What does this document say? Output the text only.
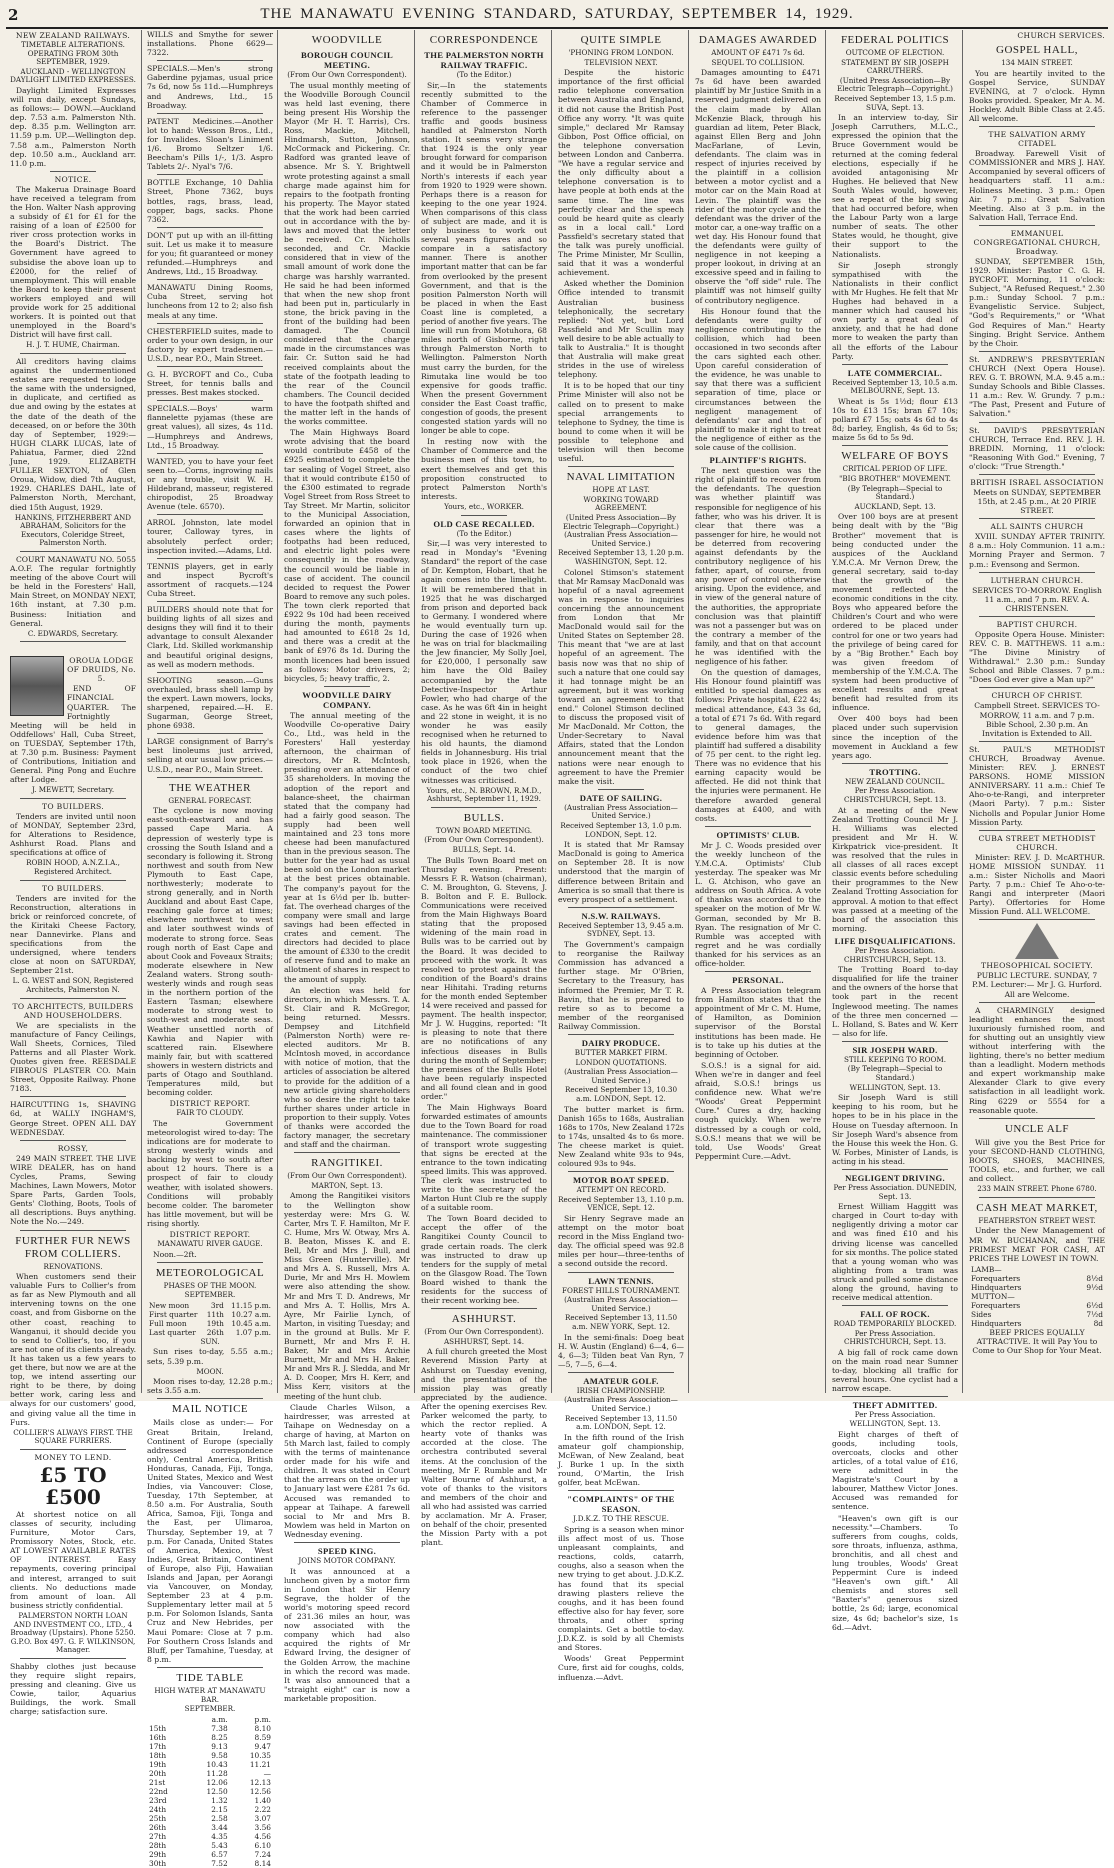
2	THE MANAWATU EVENING STANDARD, SATURDAY, SEPTEMBER 14, 1929.
NEW ZEALAND RAILWAYS.
TIMETABLE ALTERATIONS. OPERATING FROM 30th SEPTEMBER, 1929.
AUCKLAND - WELLINGTON DAYLIGHT LIMITED EXPRESSES.

Daylight Limited Expresses will run daily, except Sundays, as follows:— DOWN.—Auckland dep. 7.53 a.m. Palmerston Nth. dep. 8.35 p.m. Wellington arr. 11.59 p.m. UP.—Wellington dep. 7.58 a.m., Palmerston North dep. 10.50 a.m., Auckland arr. 11.0 p.m.

NOTICE.

The Makerua Drainage Board have received a telegram from the Hon. Walter Nash approving a subsidy of £1 for £1 for the raising of a loan of £2500 for river cross protection works in the Board's District. The Government have agreed to subsidise the above loan up to £2000, for the relief of unemployment. This will enable the Board to keep their present workers employed and will provide work for 25 additional workers. It is pointed out that unemployed in the Board's District will have first call.

H. J. T. HUME, Chairman.

All creditors having claims against the undermentioned estates are requested to lodge the same with the undersigned, in duplicate, and certified as due and owing by the estates at the date of the death of the deceased, on or before the 30th day of September, 1929:— HUGH CLARK LUCAS, late of Pahiatua, Farmer, died 22nd June, 1929. ELIZABETH FULLER SEXTON, of Glen Oroua, Widow, died 7th August, 1929. CHARLES DAHL, late of Palmerston North, Merchant, died 15th August, 1929.

HANKINS, FITZHERBERT AND ABRAHAM, Solicitors for the Executors, Coleridge Street, Palmerston North.

COURT MANAWATU NO. 5055 A.O.F. The regular fortnightly meeting of the above Court will be held in the Foresters' Hall, Main Street, on MONDAY NEXT, 16th instant, at 7.30 p.m. Business: Initiation and General.

C. EDWARDS, Secretary.
OROUA LODGE OF DRUIDS, No. 5.

END OF FINANCIAL QUARTER. The Fortnightly Meeting will be held in Oddfellows' Hall, Cuba Street, on TUESDAY, September 17th, at 7.30 p.m. Business: Payment of Contributions, Initiation and General. Ping Pong and Euchre after Lodge.

J. MEWETT, Secretary.
TO BUILDERS.

Tenders are invited until noon of MONDAY, September 23rd, for Alterations to Residence, Ashhurst Road. Plans and specifications at office of

ROBIN HOOD, A.N.Z.I.A., Registered Architect.
TO BUILDERS.

Tenders are invited for the Reconstruction, alterations in brick or reinforced concrete, of the Kiritaki Cheese Factory, near Dannevirke. Plans and specifications from the undersigned, where tenders close at noon on SATURDAY, September 21st.

L. G. WEST and SON, Registered Architects, Palmerston N.
TO ARCHITECTS, BUILDERS AND HOUSEHOLDERS.

We are specialists in the manufacture of Fancy Ceilings, Wall Sheets, Cornices, Tiled Patterns and all Plaster Work. Quotes given free. REESDALE FIBROUS PLASTER CO. Main Street, Opposite Railway. Phone 7183.

HAIRCUTTING 1s, SHAVING 6d, at WALLY INGHAM'S, George Street. OPEN ALL DAY WEDNESDAY.

ROSSY,

249 MAIN STREET. THE LIVE WIRE DEALER, has on hand Cycles, Prams, Sewing Machines, Lawn Mowers, Motor Spare Parts, Garden Tools, Gents' Clothing, Boots, Tools of all descriptions. Buys anything. Note the No.—249.

FURTHER FUR NEWS FROM COLLIERS.
RENOVATIONS.

When customers send their valuable Furs to Collier's from as far as New Plymouth and all intervening towns on the one coast, and from Gisborne on the other coast, reaching to Wanganui, it should decide you to send to Collier's, too, if you are not one of its clients already. It has taken us a few years to get there, but now we are at the top, we intend asserting our right to be there, by doing better work, caring less and always for our customers' good, and giving value all the time in Furs.

COLLIER'S ALWAYS FIRST. THE SQUARE FURRIERS.
MONEY TO LEND.
£5 TO £500

At shortest notice on all classes of security, including Furniture, Motor Cars, Promissory Notes, Stock, etc. AT LOWEST AVAILABLE RATES OF INTEREST. Easy repayments, covering principal and interest, arranged to suit clients. No deductions made from amount of loan. All business strictly confidential.

PALMERSTON NORTH LOAN AND INVESTMENT CO., LTD., 4 Broadway (Upstairs). Phone 5250. G.P.O. Box 497. G. F. WILKINSON, Manager.

Shabby clothes just because they require slight repairs, pressing and cleaning. Give us Cowie, tailor, Aquarius Buildings, the work. Small charge; satisfaction sure.

WILLS and Smythe for sewer installations. Phone 6629—7322.

SPECIALS.—Men's strong Gaberdine pyjamas, usual price 7s 6d, now 5s 11d.—Humphreys and Andrews, Ltd., 15 Broadway.

PATENT Medicines.—Another lot to hand: Wesson Bros., Ltd., for Invalides. Sloan's Liniment 1/6. Bromo Seltzer 1/6. Beecham's Pills 1/-, 1/3. Aspro Tablets 2/-. Nyal's 7/6.

BOTTLE Exchange, 10 Dahlia Street, Phone 7362, buys bottles, rags, brass, lead, copper, bags, sacks. Phone 7362.

DON'T put up with an ill-fitting suit. Let us make it to measure for you; fit guaranteed or money refunded.—Humphreys and Andrews, Ltd., 15 Broadway.

MANAWATU Dining Rooms, Cuba Street, serving hot luncheons from 12 to 2; also fish meals at any time.

CHESTERFIELD suites, made to order to your own design, in our factory by expert tradesmen.—U.S.D., near P.O., Main Street.

G. H. BYCROFT and Co., Cuba Street, for tennis balls and presses. Best makes stocked.

SPECIALS.—Boys' warm flannelette pyjamas (these are great values), all sizes, 4s 11d.—Humphreys and Andrews, Ltd., 15 Broadway.

WANTED, you to have your feet seen to.—Corns, ingrowing nails or any trouble, visit W. H. Hildebrand, masseur, registered chiropodist, 25 Broadway Avenue (tele. 6570).

ARROL Johnston, late model tourer, Calloway tyres, in absolutely perfect order; inspection invited.—Adams, Ltd.

TENNIS players, get in early and inspect Bycroft's assortment of racquets.—124 Cuba Street.

BUILDERS should note that for building lights of all sizes and designs they will find it to their advantage to consult Alexander Clark, Ltd. Skilled workmanship and beautiful original designs, as well as modern methods.

SHOOTING season.—Guns overhauled, brass shell lamp by the expert. Lawn mowers, locks, sharpened, repaired.—H. E. Sugarman, George Street, phone 6938.

LARGE consignment of Barry's best linoleums just arrived, selling at our usual low prices.—U.S.D., near P.O., Main Street.

THE WEATHER
GENERAL FORECAST.

The cyclone is now moving east-south-eastward and has passed Cape Maria. A depression of westerly type is crossing the South Island and a secondary is following it. Strong northwest and south from New Plymouth to East Cape, northwesterly; moderate to strong generally, and in North Auckland and about East Cape, reaching gale force at times; elsewhere northwest to west and later southwest winds of moderate to strong force. Seas rough north of East Cape and about Cook and Foveaux Straits; moderate elsewhere in New Zealand waters. Strong south-westerly winds and rough seas in the northern portion of the Eastern Tasman; elsewhere moderate to strong west to south-west and moderate seas. Weather unsettled north of Kawhia and Napier with scattered rain. Elsewhere mainly fair, but with scattered showers in western districts and parts of Otago and Southland. Temperatures mild, but becoming colder.

DISTRICT REPORT.
FAIR TO CLOUDY.

The Government meteorologist wired to-day: The indications are for moderate to strong westerly winds and backing by west to south after about 12 hours. There is a prospect of fair to cloudy weather, with isolated showers. Conditions will probably become colder. The barometer has little movement, but will be rising shortly.

DISTRICT REPORT.
MANAWATU RIVER GAUGE.

Noon.—2ft.

METEOROLOGICAL
PHASES OF THE MOON.
SEPTEMBER.
New moon	3rd	11.15 p.m.
First quarter	11th	10.27 a.m.
Full moon	19th	10.45 a.m.
Last quarter	26th	1.07 p.m.
SUN.

Sun rises to-day, 5.55 a.m.; sets, 5.39 p.m.

MOON.

Moon rises to-day, 12.28 p.m.; sets 3.55 a.m.

MAIL NOTICE

Mails close as under:— For Great Britain, Ireland, Continent of Europe (specially addressed correspondence only), Central America, British Honduras, Canada, Fiji, Tonga, United States, Mexico and West Indies, via Vancouver: Close, Tuesday, 17th September, at 8.50 a.m. For Australia, South Africa, Samoa, Fiji, Tonga and the East, per Ulimaroa, Thursday, September 19, at 7 p.m. For Canada, United States of America, Mexico, West Indies, Great Britain, Continent of Europe, also Fiji, Hawaiian Islands and Japan, per Aorangi via Vancouver, on Monday, September 23 at 4 p.m. Supplementary letter mail at 5 p.m. For Solomon Islands, Santa Cruz and New Hebrides, per Maui Pomare: Close at 7 p.m. For Southern Cross Islands and Bluff, per Tamahine, Tuesday, at 8 p.m.

TIDE TABLE
HIGH WATER AT MANAWATU BAR.
SEPTEMBER.
	a.m.	p.m.
15th	7.38	8.10
16th	8.25	8.59
17th	9.13	9.47
18th	9.58	10.35
19th	10.43	11.21
20th	11.28	—
21st	12.06	12.13
22nd	12.50	12.56
23rd	1.32	1.40
24th	2.15	2.22
25th	2.58	3.07
26th	3.44	3.56
27th	4.35	4.56
28th	5.43	6.10
29th	6.57	7.24
30th	7.52	8.14
WOODVILLE
BOROUGH COUNCIL MEETING.
(From Our Own Correspondent).

The usual monthly meeting of the Woodville Borough Council was held last evening, there being present His Worship the Mayor (Mr H. T. Harris), Crs. Ross, Mackie, Mitchell, Hindmarsh, Sutton, Johnson, McCormack and Pickering. Cr. Radford was granted leave of absence. Mr S. Y. Brightwell wrote protesting against a small charge made against him for repairs to the footpath fronting his property. The Mayor stated that the work had been carried out in accordance with the by-laws and moved that the letter be received. Cr. Nicholls seconded, and Cr. Mackie considered that in view of the small amount of work done the charge was harshly warranted. He said he had been informed that when the new shop front had been put in, particularly in stone, the brick paving in the front of the building had been damaged. The Council considered that the charge made in the circumstances was fair. Cr. Sutton said he had received complaints about the state of the footpath leading to the rear of the Council chambers. The Council decided to have the footpath shifted and the matter left in the hands of the works committee.

The Main Highways Board wrote advising that the board would contribute £458 of the £925 estimated to complete the tar sealing of Vogel Street, also that it would contribute £150 of the £300 estimated to regrade Vogel Street from Ross Street to Tay Street. Mr Martin, solicitor to the Municipal Association, forwarded an opinion that in cases where the lights of footpaths had been reduced, and electric light poles were consequently in the roadway, the council would be liable in case of accident. The council decided to request the Power Board to remove any such poles. The town clerk reported that £922 9s 10d had been received during the month, payments had amounted to £618 2s 1d, and there was a credit at the bank of £976 8s 1d. During the month licences had been issued as follows: Motor drivers, 2; bicycles, 5; heavy traffic, 2.

WOODVILLE DAIRY COMPANY.

The annual meeting of the Woodville Co-operative Dairy Co., Ltd., was held in the Foresters' Hall yesterday afternoon, the chairman of directors, Mr R. McIntosh, presiding over an attendance of 35 shareholders. In moving the adoption of the report and balance-sheet, the chairman stated that the company had had a fairly good season. The supply had been well maintained and 23 tons more cheese had been manufactured than in the previous season. The butter for the year had as usual been sold on the London market at the best prices obtainable. The company's payout for the year at 1s 6½d per lb. butter-fat. The overhead charges of the company were small and large savings had been effected in crates and cement. The directors had decided to place the amount of £330 to the credit of reserve fund and to make an allotment of shares in respect to the amount of supply.

An election was held for directors, in which Messrs. T. A. St. Clair and R. McGregor, being returned. Messrs. Dempsey and Litchfield (Palmerston North) were re-elected auditors. Mr B. McIntosh moved, in accordance with notice of motion, that the articles of association be altered to provide for the addition of a new article giving shareholders who so desire the right to take further shares under article in proportion to their supply. Votes of thanks were accorded the factory manager, the secretary and staff and the chairman.

RANGITIKEI.
(From Our Own Correspondent).
MARTON, Sept. 13.

Among the Rangitikei visitors to the Wellington show yesterday were: Mrs G. W. Carter, Mrs T. F. Hamilton, Mr F. C. Hume, Mrs W. Otway, Mrs A. B. Beaton, Misses K. and E. Bell, Mr and Mrs J. Bull, and Miss Green (Hunterville). Mr and Mrs A. S. Russell, Mrs A. Durie, Mr and Mrs H. Mowlem were also attending the show. Mr and Mrs T. D. Andrews, Mr and Mrs A. T. Hollis, Mrs A. Ayre, Mr Fairlie Lynch, of Marton, in visiting Tuesday; and in the ground at Bulls. Mr F. Burnett, Mr and Mrs F. H. Baker, Mr and Mrs Archie Burnett, Mr and Mrs H. Baker, Mr and Mrs R. J. Sledda, and Mr A. D. Cooper, Mrs H. Kerr, and Miss Kerr, visitors at the meeting of the hunt club.

Claude Charles Wilson, a hairdresser, was arrested at Taihape on Wednesday on a charge of having, at Marton on 5th March last, failed to comply with the terms of maintenance order made for his wife and children. It was stated in Court that the arrears on the order up to January last were £281 7s 6d. Accused was remanded to appear at Taihape. A farewell social to Mr and Mrs B. Mowlem was held in Marton on Wednesday evening.

SPEED KING.
JOINS MOTOR COMPANY.

It was announced at a luncheon given by a motor firm in London that Sir Henry Segrave, the holder of the world's motoring speed record of 231.36 miles an hour, was now associated with the company which had also acquired the rights of Mr Edward Irving, the designer of the Golden Arrow, the machine in which the record was made. It was also announced that a "straight eight" car is now a marketable proposition.

CORRESPONDENCE
THE PALMERSTON NORTH RAILWAY TRAFFIC.
(To the Editor.)

Sir,—In the statements recently submitted to the Chamber of Commerce in reference to the passenger traffic and goods business handled at Palmerston North station. It seems very strange that 1924 is the only year brought forward for comparison and it would be in Palmerston North's interests if each year from 1920 to 1929 were shown. Perhaps there is a reason for keeping to the one year 1924. When comparisons of this class of subject are made, and it is only business to work out several years figures and so compare in a satisfactory manner. There is another important matter that can be far from overlooked by the present Government, and that is the position Palmerston North will be placed in when the East Coast line is completed, a period of another five years. The line will run from Motuhora, 68 miles north of Gisborne, right through Palmerston North to Wellington. Palmerston North must carry the burden, for the Rimutaka line would be too expensive for goods traffic. When the present Government consider the East Coast traffic, congestion of goods, the present congested station yards will no longer be able to cope.

In resting now with the Chamber of Commerce and the business men of this town, to exert themselves and get this proposition constructed to protect Palmerston North's interests.

Yours, etc., WORKER.
OLD CASE RECALLED.
(To the Editor.)

Sir,—I was very interested to read in Monday's "Evening Standard" the report of the case of Dr. Kempton, Hobart, that he again comes into the limelight. It will be remembered that in 1925 that he was discharged from prison and deported back to Germany. I wondered where he would eventually turn up. During the case of 1926 when he was on trial for blackmailing the Jew financier, My Solly Joel, for £20,000, I personally saw him have the Old Bailey accompanied by the late Detective-Inspector Arthur Fowler, who had charge of the case. As he was 6ft 4in in height and 22 stone in weight, it is no wonder he was easily recognised when he returned to his old haunts, the diamond fields in Johannesburg. His trial took place in 1926, when the conduct of the two chief witnesses was criticised.

Yours, etc., N. BROWN, R.M.D., Ashhurst, September 11, 1929.
BULLS.
TOWN BOARD MEETING.
(From Our Own Correspondent).
BULLS, Sept. 14.

The Bulls Town Board met on Thursday evening. Present: Messrs F. R. Watson (chairman), C. M. Broughton, G. Stevens, J. B. Bolton and F. E. Bullock. Communications were received from the Main Highways Board stating that the proposed widening of the main road in Bulls was to be carried out by the Board. It was decided to proceed with the work. It was resolved to protest against the condition of the Board's drains near Hihitahi. Trading returns for the month ended September 14 were received and passed for payment. The health inspector, Mr J. W. Huggins, reported: "It is pleasing to note that there are no notifications of any infectious diseases in Bulls during the month of September; the premises of the Bulls Hotel have been regularly inspected and all found clean and in good order."

The Main Highways Board forwarded estimates of amounts due to the Town Board for road maintenance. The commissioner of transport wrote suggesting that signs be erected at the entrance to the town indicating speed limits. This was approved. The clerk was instructed to write to the secretary of the Marton Hunt Club re the supply of a suitable room.

The Town Board decided to accept the offer of the Rangitikei County Council to grade certain roads. The clerk was instructed to draw up tenders for the supply of metal on the Glasgow Road. The Town Board wished to thank the residents for the success of their recent working bee.

ASHHURST.
(From Our Own Correspondent).
ASHHURST, Sept. 14.

A full church greeted the Most Reverend Mission Party at Ashhurst on Tuesday evening, and the presentation of the mission play was greatly appreciated by the audience. After the opening exercises Rev. Parker welcomed the party, to which the rector replied. A hearty vote of thanks was accorded at the close. The orchestra contributed several items. At the conclusion of the meeting, Mr F. Rumble and Mr Walter Bourne of Ashhurst, a vote of thanks to the visitors and members of the choir and all who had assisted was carried by acclamation. Mr A. Fraser, on behalf of the choir, presented the Mission Party with a pot plant.

QUITE SIMPLE
'PHONING FROM LONDON.
TELEVISION NEXT.

Despite the historic importance of the first official radio telephone conversation between Australia and England, it did not cause the British Post Office any worry. "It was quite simple," declared Mr Ramsay Gibbon, Post Office official, on the telephone conversation between London and Canberra. "We have a regular service and the only difficulty about a telephone conversation is to have people at both ends at the same time. The line was perfectly clear and the speech could be heard quite as clearly as in a local call." Lord Passfield's secretary stated that the talk was purely unofficial. The Prime Minister, Mr Scullin, said that it was a wonderful achievement.

Asked whether the Dominion Office intended to transmit Australian business telephonically, the secretary replied: "Not yet, but Lord Passfield and Mr Scullin may well desire to be able actually to talk to Australia." It is thought that Australia will make great strides in the use of wireless telephony.

It is to be hoped that our tiny Prime Minister will also not be called on to present to make special arrangements to telephone to Sydney, the time is bound to come when it will be possible to telephone and television will then become useful.

NAVAL LIMITATION
HOPE AT LAST.
WORKING TOWARD AGREEMENT.
(United Press Association—By Electric Telegraph—Copyright.) (Australian Press Association—United Service.)
Received September 13, 1.20 p.m. WASHINGTON, Sept. 12.

Colonel Stimson's statement that Mr Ramsay MacDonald was hopeful of a naval agreement was in response to inquiries concerning the announcement from London that Mr MacDonald would sail for the United States on September 28. This meant that "we are at last hopeful of an agreement. The basis now was that no ship of such a nature that one could say it had tonnage might be an agreement, but it was working toward an agreement to that end." Colonel Stimson declined to discuss the proposed visit of Mr MacDonald. Mr Cotton, the Under-Secretary to Naval Affairs, stated that the London announcement meant that the nations were near enough to agreement to have the Premier make the visit.

DATE OF SAILING.
(Australian Press Association—United Service.)
Received September 13, 1.0 p.m. LONDON, Sept. 12.

It is stated that Mr Ramsay MacDonald is going to America on September 28. It is now understood that the margin of difference between Britain and America is so small that there is every prospect of a settlement.

N.S.W. RAILWAYS.
Received September 13, 9.45 a.m. SYDNEY, Sept. 13.

The Government's campaign to reorganise the Railway Commission has advanced a further stage. Mr O'Brien, Secretary to the Treasury, has informed the Premier, Mr T. R. Bavin, that he is prepared to retire so as to become a member of the reorganised Railway Commission.

DAIRY PRODUCE.
BUTTER MARKET FIRM.
LONDON QUOTATIONS.
(Australian Press Association—United Service.)
Received September 13, 10.30 a.m. LONDON, Sept. 12.

The butter market is firm. Danish 165s to 168s, Australian 168s to 170s, New Zealand 172s to 174s, unsalted 4s to 6s more. The cheese market is quiet. New Zealand white 93s to 94s, coloured 93s to 94s.

MOTOR BOAT SPEED.
ATTEMPT ON RECORD.
Received September 13, 1.10 p.m. VENICE, Sept. 12.

Sir Henry Segrave made an attempt on the motor boat record in the Miss England two-day. The official speed was 92.8 miles per hour—three-tenths of a second outside the record.

LAWN TENNIS.
FOREST HILLS TOURNAMENT.
(Australian Press Association—United Service.)
Received September 13, 11.50 a.m. NEW YORK, Sept. 12.

In the semi-finals: Doeg beat H. W. Austin (England) 6—4, 6—4, 6—3; Tilden beat Van Ryn, 7—5, 7—5, 6—4.

AMATEUR GOLF.
IRISH CHAMPIONSHIP.
(Australian Press Association—United Service.)
Received September 13, 11.50 a.m. LONDON, Sept. 12.

In the fifth round of the Irish amateur golf championship, McEwan, of New Zealand, beat J. Burke 1 up. In the sixth round, O'Martin, the Irish golfer, beat McEwan.

"COMPLAINTS" OF THE SEASON.
J.D.K.Z. TO THE RESCUE.

Spring is a season when minor ills affect most of us. Those unpleasant complaints, and reactions, colds, catarrh, coughs, also a season when the new trying to get about. J.D.K.Z. has found that its special drawing plasters relieve the coughs, and it has been found effective also for hay fever, sore throats, and other spring complaints. Get a bottle to-day. J.D.K.Z. is sold by all Chemists and Stores.

Woods' Great Peppermint Cure, first aid for coughs, colds, influenza.—Advt.

DAMAGES AWARDED
AMOUNT OF £471 7s 6d.
SEQUEL TO COLLISION.

Damages amounting to £471 7s 6d have been awarded plaintiff by Mr Justice Smith in a reserved judgment delivered on the claim made by Allan McKenzie Black, through his guardian ad litem, Peter Black, against Ellen Berg and John MacFarlane, of Levin, defendants. The claim was in respect of injuries received by the plaintiff in a collision between a motor cyclist and a motor car on the Main Road at Levin. The plaintiff was the rider of the motor cycle and the defendant was the driver of the motor car, a one-way traffic on a wet day. His Honour found that the defendants were guilty of negligence in not keeping a proper lookout, in driving at an excessive speed and in failing to observe the "off side" rule. The plaintiff was not himself guilty of contributory negligence.

His Honour found that the defendants were guilty of negligence contributing to the collision, which had been occasioned in two seconds after the cars sighted each other. Upon careful consideration of the evidence, he was unable to say that there was a sufficient separation of time, place or circumstances between the negligent management of defendants' car and that of plaintiff to make it right to treat the negligence of either as the sole cause of the collision.

PLAINTIFF'S RIGHTS.

The next question was the right of plaintiff to recover from the defendants. The question was whether plaintiff was responsible for negligence of his father, who was his driver. It is clear that there was a passenger for hire, he would not be deterred from recovering against defendants by the contributory negligence of his father, apart, of course, from any power of control otherwise arising. Upon the evidence, and in view of the general nature of the authorities, the appropriate conclusion was that plaintiff was not a passenger but was on the contrary a member of the family, and that on that account he was identified with the negligence of his father.

On the question of damages, His Honour found plaintiff was entitled to special damages as follows: Private hospital, £22 4s; medical attendance, £43 3s 6d, a total of £71 7s 6d. With regard to general damages, the evidence before him was that plaintiff had suffered a disability of 75 per cent. to the right leg. There was no evidence that his earning capacity would be affected. He did not think that the injuries were permanent. He therefore awarded general damages at £400, and with costs.

OPTIMISTS' CLUB.

Mr J. C. Woods presided over the weekly luncheon of the Y.M.C.A. Optimists' Club yesterday. The speaker was Mr L. G. Atchison, who gave an address on South Africa. A vote of thanks was accorded to the speaker on the motion of Mr W. Gorman, seconded by Mr B. Ryan. The resignation of Mr C. Rumble was accepted with regret and he was cordially thanked for his services as an office-holder.

PERSONAL.

A Press Association telegram from Hamilton states that the appointment of Mr C. M. Hume, of Hamilton, as Dominion supervisor of the Borstal institutions has been made. He is to take up his duties at the beginning of October.

S.O.S.! is a signal for aid. When we're in danger and feel afraid, S.O.S.! brings us confidence new. What we're "Woods' Great Peppermint Cure." Cures a dry, hacking cough quickly. When we're distressed by a cough or cold, S.O.S.! means that we will be told, Use Woods' Great Peppermint Cure.—Advt.

FEDERAL POLITICS
OUTCOME OF ELECTION.
STATEMENT BY SIR JOSEPH CARRUTHERS.
(United Press Association—By Electric Telegraph—Copyright.)
Received September 13, 1.5 p.m. SUVA, Sept. 13.

In an interview to-day, Sir Joseph Carruthers, M.L.C., expressed the opinion that the Bruce Government would be returned at the coming federal elections, especially if he avoided antagonising Mr Hughes. He believed that New South Wales would, however, see a repeat of the big swing that had occurred before, when the Labour Party won a large number of seats. The other States would, he thought, give their support to the Nationalists.

Sir Joseph strongly sympathised with the Nationalists in their conflict with Mr Hughes. He felt that Mr Hughes had behaved in a manner which had caused his own party a great deal of anxiety, and that he had done more to weaken the party than all the efforts of the Labour Party.

LATE COMMERCIAL.
Received September 13, 10.5 a.m. MELBOURNE, Sept. 13.

Wheat is 5s 1½d; flour £13 10s to £13 15s; bran £7 10s; pollard £7 15s; oats 4s 6d to 4s 8d; barley, English, 4s 6d to 5s; maize 5s 6d to 5s 9d.

WELFARE OF BOYS
CRITICAL PERIOD OF LIFE.
"BIG BROTHER" MOVEMENT.
(By Telegraph—Special to Standard.)
AUCKLAND, Sept. 13.

Over 100 boys are at present being dealt with by the "Big Brother" movement that is being conducted under the auspices of the Auckland Y.M.C.A. Mr Vernon Drew, the general secretary, said to-day that the growth of the movement reflected the economic conditions in the city. Boys who appeared before the Children's Court and who were ordered to be placed under control for one or two years had the privilege of being cared for by a "Big Brother." Each boy was given freedom of membership of the Y.M.C.A. The system had been productive of excellent results and great benefit had resulted from its influence.

Over 400 boys had been placed under such supervision since the inception of the movement in Auckland a few years ago.

TROTTING.
NEW ZEALAND COUNCIL.
Per Press Association. CHRISTCHURCH, Sept. 13.

At a meeting of the New Zealand Trotting Council Mr J. H. Williams was elected president and Mr H. W. Kirkpatrick vice-president. It was resolved that the rules in all classes of all races except classic events before scheduling their programmes to the New Zealand Trotting Association for approval. A motion to that effect was passed at a meeting of the board of the association this morning.

LIFE DISQUALIFICATIONS.
Per Press Association. CHRISTCHURCH, Sept. 13.

The Trotting Board to-day disqualified for life the trainer and the owners of the horse that took part in the recent Inglewood meeting. The names of the three men concerned — L. Holland, S. Bates and W. Kerr — also for life.

SIR JOSEPH WARD.
STILL KEEPING TO ROOM.
(By Telegraph—Special to Standard.)
WELLINGTON, Sept. 13.

Sir Joseph Ward is still keeping to his room, but he hopes to be in his place in the House on Tuesday afternoon. In Sir Joseph Ward's absence from the House this week the Hon. G. W. Forbes, Minister of Lands, is acting in his stead.

NEGLIGENT DRIVING.
Per Press Association. DUNEDIN, Sept. 13.

Ernest William Haggitt was charged in Court to-day with negligently driving a motor car and was fined £10 and his driving license was cancelled for six months. The police stated that a young woman who was alighting from a tram was struck and pulled some distance along the ground, having to receive medical attention.

FALL OF ROCK.
ROAD TEMPORARILY BLOCKED.
Per Press Association. CHRISTCHURCH, Sept. 13.

A big fall of rock came down on the main road near Sumner to-day, blocking all traffic for several hours. One cyclist had a narrow escape.

THEFT ADMITTED.
Per Press Association. WELLINGTON, Sept. 13.

Eight charges of theft of goods, including tools, overcoats, clocks and other articles, of a total value of £16, were admitted in the Magistrate's Court by a labourer, Matthew Victor Jones. Accused was remanded for sentence.

"Heaven's own gift is our necessity."—Chambers. To sufferers from coughs, colds, sore throats, influenza, asthma, bronchitis, and all chest and lung troubles, Woods' Great Peppermint Cure is indeed "Heaven's own gift." All chemists and stores sell "Baxter's" generous sized bottle, 2s 6d; large, economical size, 4s 6d; bachelor's size, 1s 6d.—Advt.

CHURCH SERVICES.
GOSPEL HALL,
134 MAIN STREET.

You are heartily invited to the Gospel Service, SUNDAY EVENING, at 7 o'clock. Hymn Books provided. Speaker, Mr A. M. Hockley. Adult Bible Class at 2.45. All welcome.

THE SALVATION ARMY CITADEL

Broadway. Farewell Visit of COMMISSIONER and MRS J. HAY. Accompanied by several officers of headquarters staff. 11 a.m.: Holiness Meeting. 3 p.m.: Open Air. 7 p.m.: Great Salvation Meeting. Also at 3 p.m. in the Salvation Hall, Terrace End.

EMMANUEL CONGREGATIONAL CHURCH, Broadway.

SUNDAY, SEPTEMBER 15th, 1929. Minister: Pastor C. G. H. BYCROFT. Morning, 11 o'clock: Subject, "A Refused Request." 2.30 p.m.: Sunday School. 7 p.m.: Evangelistic Service. Subject, "God's Requirements," or "What God Requires of Man." Hearty Singing. Bright Service. Anthem by the Choir.

St. ANDREW'S PRESBYTERIAN CHURCH (Next Opera House). REV. G. T. BROWN, M.A. 9.45 a.m.: Sunday Schools and Bible Classes. 11 a.m.: Rev. W. Grundy. 7 p.m.: "The Past, Present and Future of Salvation."

St. DAVID'S PRESBYTERIAN CHURCH, Terrace End. REV. J. H. BREDIN. Morning, 11 o'clock: "Reasoning With God." Evening, 7 o'clock: "True Strength."

BRITISH ISRAEL ASSOCIATION

Meets on SUNDAY, SEPTEMBER 15th, at 2.45 p.m., At 20 PIRIE STREET.

ALL SAINTS CHURCH

XVIII. SUNDAY AFTER TRINITY. 8 a.m.: Holy Communion. 11 a.m.: Morning Prayer and Sermon. 7 p.m.: Evensong and Sermon.

LUTHERAN CHURCH.

SERVICES TO-MORROW. English 11 a.m., and 7 p.m. REV. A. CHRISTENSEN.

BAPTIST CHURCH.

Opposite Opera House. Minister: REV. C. B. MATTHEWS. 11 a.m.: "The Divine Ministry of Withdrawal." 2.30 p.m.: Sunday School and Bible Classes. 7 p.m.: "Does God ever give a Man up?"

CHURCH OF CHRIST.

Campbell Street. SERVICES TO-MORROW, 11 a.m. and 7 p.m. Bible School, 2.30 p.m. An Invitation is Extended to All.

St. PAUL'S METHODIST CHURCH, Broadway Avenue. Minister: REV. J. ERNEST PARSONS. HOME MISSION ANNIVERSARY. 11 a.m.: Chief Te Aho-o-te-Rangi, and interpreter (Maori Party). 7 p.m.: Sister Nicholls and Popular Junior Home Mission Party.

CUBA STREET METHODIST CHURCH.

Minister: REV. J. D. McARTHUR. HOME MISSION SUNDAY. 11 a.m.: Sister Nicholls and Maori Party. 7 p.m.: Chief Te Aho-o-te-Rangi and interpreter (Maori Party). Offertories for Home Mission Fund. ALL WELCOME.

THEOSOPHICAL SOCIETY.

PUBLIC LECTURE. SUNDAY, 7 P.M. Lecturer:— Mr J. G. Hurford. All are Welcome.

A CHARMINGLY designed leadlight enhances the most luxuriously furnished room, and for shutting out an unsightly view without interfering with the lighting, there's no better medium than a leadlight. Modern methods and expert workmanship make Alexander Clark to give every satisfaction in all leadlight work. Ring 6229 or 5554 for a reasonable quote.

UNCLE ALF

Will give you the Best Price for your SECOND-HAND CLOTHING, BOOTS, SHOES, MACHINES, TOOLS, etc., and further, we call and collect.

233 MAIN STREET. Phone 6780.
CASH MEAT MARKET,
FEATHERSTON STREET WEST.

Under the New Management of MR W. BUCHANAN, and THE PRIMEST MEAT FOR CASH, AT PRICES THE LOWEST IN TOWN.

LAMB—	
Forequarters	8½d
Hindquarters	9½d
MUTTON—	
Forequarters	6½d
Sides	7½d
Hindquarters	8d

BEEF PRICES EQUALLY ATTRACTIVE. It will Pay You to Come to Our Shop for Your Meat.
